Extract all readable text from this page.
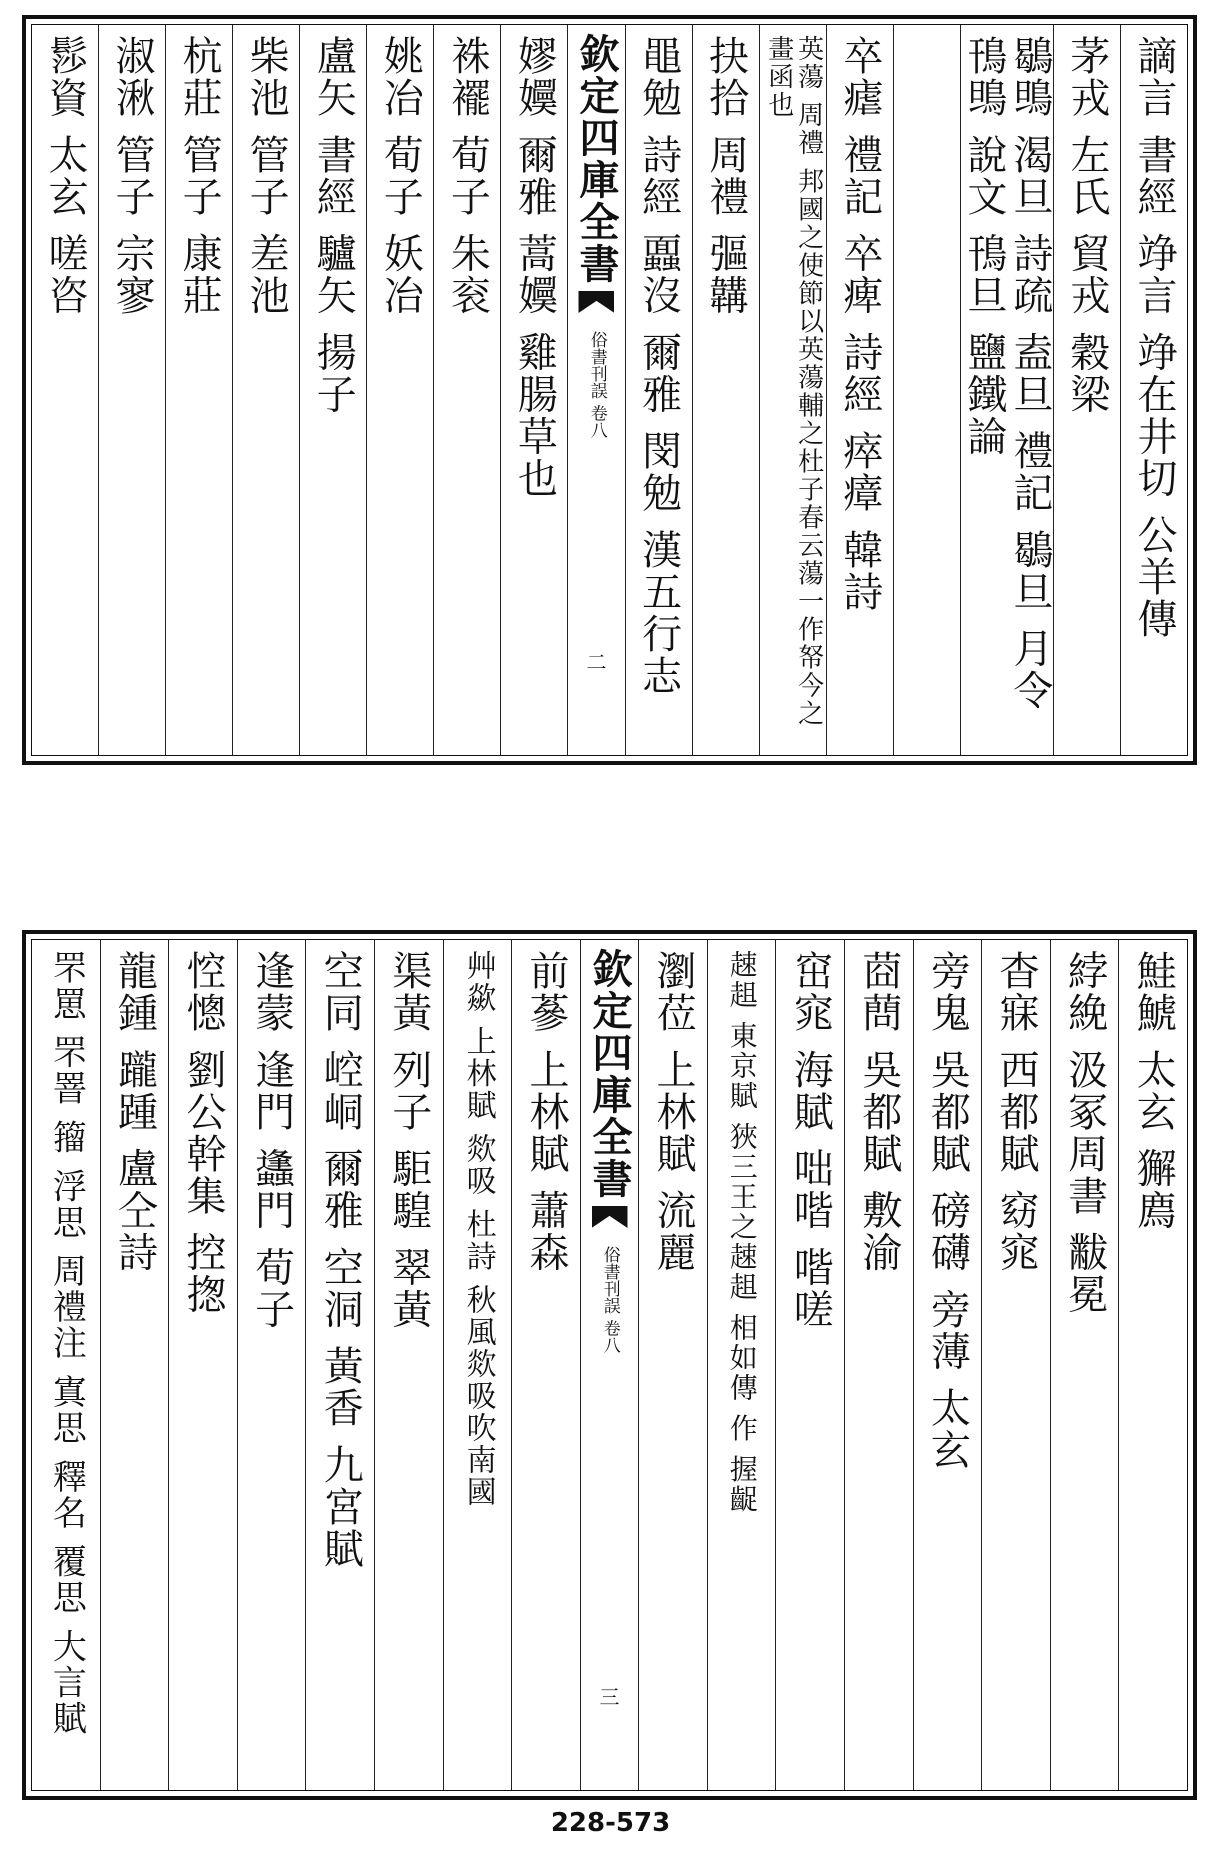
謫言 書經 竫言 竫在井切 公羊傳
茅戎 左氏 貿戎 穀梁
鶡鴠 渴旦 詩疏 盍旦 禮記 鶡旦 月令 鳱鴠 說文 鳱旦 鹽鐵論
卒瘧 禮記 卒痺 詩經 瘁瘴 韓詩
英蕩 周禮 邦國之使節以英蕩輔之杜子春云蕩一作帑今之畫函也
抉拾 周禮 彄韝
黽勉 詩經 蠠沒 爾雅 閔勉 漢五行志
欽定四庫全書
俗書刊誤 卷八
二
嫪嬽 爾雅 蒿嬽 雞腸草也
袾襬 荀子 朱衮
姚冶 荀子 妖冶
盧矢 書經 驢矢 揚子
柴池 管子 差池
杭莊 管子 康莊
淑湫 管子 宗寥
髿資 太玄 嗟咨
鮭鯱 太玄 獬廌
綍絻 汲冢周書 黻冕
杳寐 西都賦 窈窕
旁鬼 吳都賦 磅礴 旁薄 太玄
莔蔄 吳都賦 敷渝
窋窕 海賦 咄喈 喈嗟
趚趄 東京賦 狹三王之趚趄 相如傳 作 握齪
瀏莅 上林賦 流麗
欽定四庫全書
俗書刊誤 卷八
三
前蔘 上林賦 蕭森
艸歘 上林賦 欻吸 杜詩 秋風欻吸吹南國
渠黃 列子 駏騜 翠黃
空同 崆峒 爾雅 空洞 黃香 九宮賦
逢蒙 逢門 蠭門 荀子
悾憁 劉公幹集 控揔
龍鍾 躘踵 盧仝詩
罘罳 罘罯 籀 浮思 周禮注 寘思 釋名 覆思 大言賦
228-573
